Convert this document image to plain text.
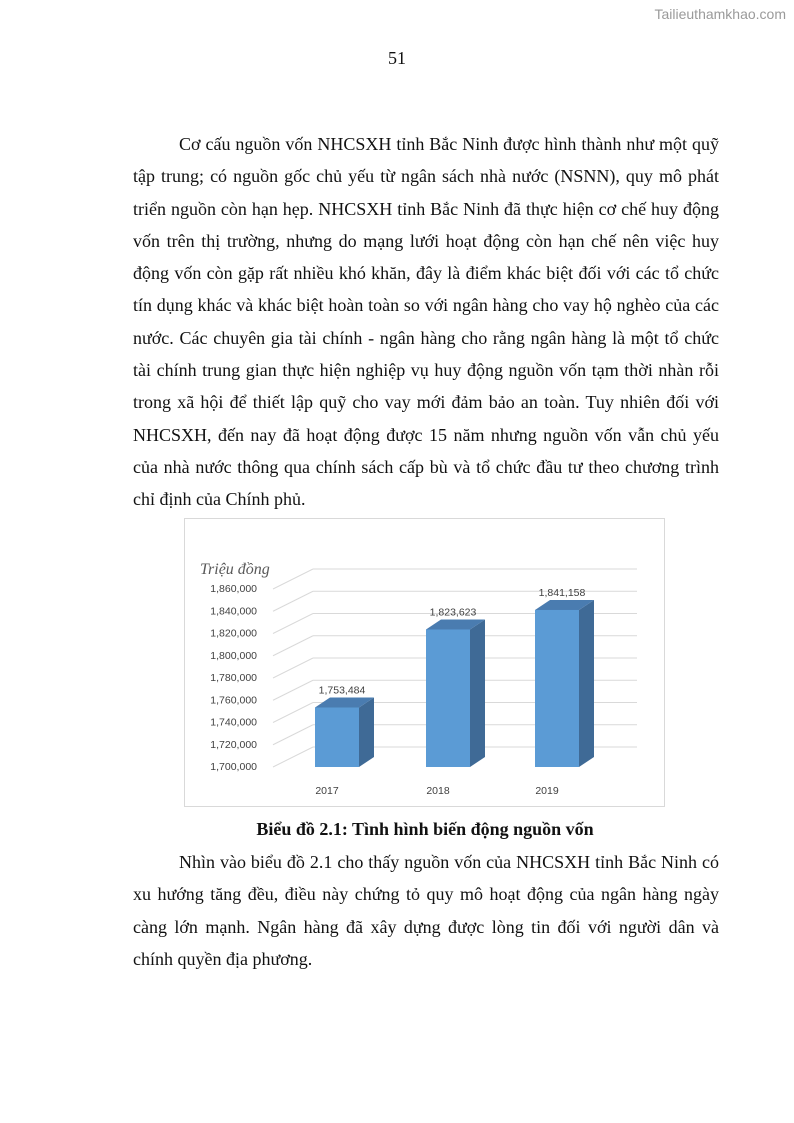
Tailieuthamkhao.com
51

Cơ cấu nguồn vốn NHCSXH tỉnh Bắc Ninh được hình thành như một quỹ tập trung; có nguồn gốc chủ yếu từ ngân sách nhà nước (NSNN), quy mô phát triển nguồn còn hạn hẹp. NHCSXH tỉnh Bắc Ninh đã thực hiện cơ chế huy động vốn trên thị trường, nhưng do mạng lưới hoạt động còn hạn chế nên việc huy động vốn còn gặp rất nhiều khó khăn, đây là điểm khác biệt đối với các tổ chức tín dụng khác và khác biệt hoàn toàn so với ngân hàng cho vay hộ nghèo của các nước. Các chuyên gia tài chính - ngân hàng cho rằng ngân hàng là một tổ chức tài chính trung gian thực hiện nghiệp vụ huy động nguồn vốn tạm thời nhàn rỗi trong xã hội để thiết lập quỹ cho vay mới đảm bảo an toàn. Tuy nhiên đối với NHCSXH, đến nay đã hoạt động được 15 năm nhưng nguồn vốn vẫn chủ yếu của nhà nước thông qua chính sách cấp bù và tổ chức đầu tư theo chương trình chỉ định của Chính phủ.

1,700,000
1,720,000
1,740,000
1,760,000
1,780,000
1,800,000
1,820,000
1,840,000
1,860,000
Triệu đồng
1,753,484
2017
1,823,623
2018
1,841,158
2019
Biểu đồ 2.1: Tình hình biến động nguồn vốn

Nhìn vào biểu đồ 2.1 cho thấy nguồn vốn của NHCSXH tỉnh Bắc Ninh có xu hướng tăng đều, điều này chứng tỏ quy mô hoạt động của ngân hàng ngày càng lớn mạnh. Ngân hàng đã xây dựng được lòng tin đối với người dân và chính quyền địa phương.
